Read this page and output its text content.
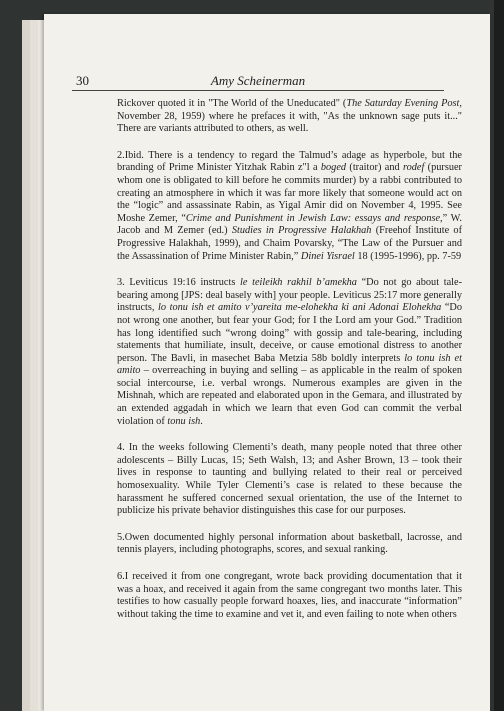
30	Amy Scheinerman

Rickover quoted it in "The World of the Uneducated" (The Saturday Evening Post, November 28, 1959) where he prefaces it with, "As the unknown sage puts it..." There are variants attributed to others, as well.

2.Ibid. There is a tendency to regard the Talmud’s adage as hyperbole, but the branding of Prime Minister Yitzhak Rabin z"l a boged (traitor) and rodef (pursuer whom one is obligated to kill before he commits murder) by a rabbi contributed to creating an atmosphere in which it was far more likely that someone would act on the “logic” and assassinate Rabin, as Yigal Amir did on November 4, 1995. See Moshe Zemer, “Crime and Punishment in Jewish Law: essays and response,” W. Jacob and M Zemer (ed.) Studies in Progressive Halakhah (Freehof Institute of Progressive Halakhah, 1999), and Chaim Povarsky, “The Law of the Pursuer and the Assassination of Prime Minister Rabin,” Dinei Yisrael 18 (1995-1996), pp. 7-59

3. Leviticus 19:16 instructs le teileikh rakhil b’amekha “Do not go about tale-bearing among [JPS: deal basely with] your people. Leviticus 25:17 more generally instructs, lo tonu ish et amito v’yareita me-elohekha ki ani Adonai Elohekha “Do not wrong one another, but fear your God; for I the Lord am your God.” Tradition has long identified such “wrong doing” with gossip and tale-bearing, including statements that humiliate, insult, deceive, or cause emotional distress to another person. The Bavli, in masechet Baba Metzia 58b boldly interprets lo tonu ish et amito – overreaching in buying and selling – as applicable in the realm of spoken social intercourse, i.e. verbal wrongs. Numerous examples are given in the Mishnah, which are repeated and elaborated upon in the Gemara, and illustrated by an extended aggadah in which we learn that even God can commit the verbal violation of tonu ish.

4. In the weeks following Clementi’s death, many people noted that three other adolescents – Billy Lucas, 15; Seth Walsh, 13; and Asher Brown, 13 – took their lives in response to taunting and bullying related to their real or perceived homosexuality. While Tyler Clementi’s case is related to these because the harassment he suffered concerned sexual orientation, the use of the Internet to publicize his private behavior distinguishes this case for our purposes.

5.Owen documented highly personal information about basketball, lacrosse, and tennis players, including photographs, scores, and sexual ranking.

6.I received it from one congregant, wrote back providing documentation that it was a hoax, and received it again from the same congregant two months later. This testifies to how casually people forward hoaxes, lies, and inaccurate “information” without taking the time to examine and vet it, and even failing to note when others
